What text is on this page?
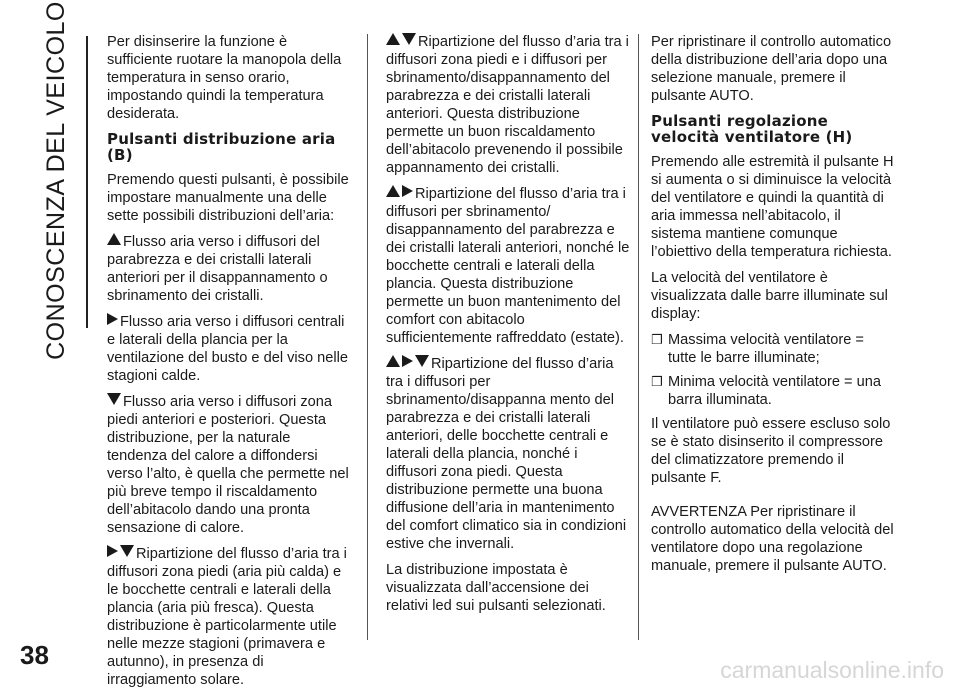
CONOSCENZA DEL VEICOLO	Per disinserire la funzione è sufficiente ruotare la manopola della temperatura in senso orario, impostando quindi la temperatura desiderata.

Pulsanti distribuzione aria (B)

Premendo questi pulsanti, è possibile impostare manualmente una delle sette possibili distribuzioni dell’aria:

Flusso aria verso i diffusori del parabrezza e dei cristalli laterali anteriori per il disappannamento o sbrinamento dei cristalli.

Flusso aria verso i diffusori centrali e laterali della plancia per la ventilazione del busto e del viso nelle stagioni calde.

Flusso aria verso i diffusori zona piedi anteriori e posteriori. Questa distribuzione, per la naturale tendenza del calore a diffondersi verso l’alto, è quella che permette nel più breve tempo il riscaldamento dell’abitacolo dando una pronta sensazione di calore.

Ripartizione del flusso d’aria tra i diffusori zona piedi (aria più calda) e le bocchette centrali e laterali della plancia (aria più fresca). Questa distribuzione è particolarmente utile nelle mezze stagioni (primavera e autunno), in presenza di irraggiamento solare.

Ripartizione del flusso d’aria tra i diffusori zona piedi e i diffusori per sbrinamento/disappannamento del parabrezza e dei cristalli laterali anteriori. Questa distribuzione permette un buon riscaldamento dell’abitacolo prevenendo il possibile appannamento dei cristalli.

Ripartizione del flusso d’aria tra i diffusori per sbrinamento/ disappannamento del parabrezza e dei cristalli laterali anteriori, nonché le bocchette centrali e laterali della plancia. Questa distribuzione permette un buon mantenimento del comfort con abitacolo sufficientemente raffreddato (estate).

Ripartizione del flusso d’aria tra i diffusori per sbrinamento/disappanna mento del parabrezza e dei cristalli laterali anteriori, delle bocchette centrali e laterali della plancia, nonché i diffusori zona piedi. Questa distribuzione permette una buona diffusione dell’aria in mantenimento del comfort climatico sia in condizioni estive che invernali.

La distribuzione impostata è visualizzata dall’accensione dei relativi led sui pulsanti selezionati.

Per ripristinare il controllo automatico della distribuzione dell’aria dopo una selezione manuale, premere il pulsante AUTO.

Pulsanti regolazione velocità ventilatore (H)

Premendo alle estremità il pulsante H si aumenta o si diminuisce la velocità del ventilatore e quindi la quantità di aria immessa nell’abitacolo, il sistema mantiene comunque l’obiettivo della temperatura richiesta.

La velocità del ventilatore è visualizzata dalle barre illuminate sul display:

❒ Massima velocità ventilatore = tutte le barre illuminate;
❒ Minima velocità ventilatore = una barra illuminata.

Il ventilatore può essere escluso solo se è stato disinserito il compressore del climatizzatore premendo il pulsante F.

AVVERTENZA Per ripristinare il controllo automatico della velocità del ventilatore dopo una regolazione manuale, premere il pulsante AUTO.

38	carmanualsonline.info
